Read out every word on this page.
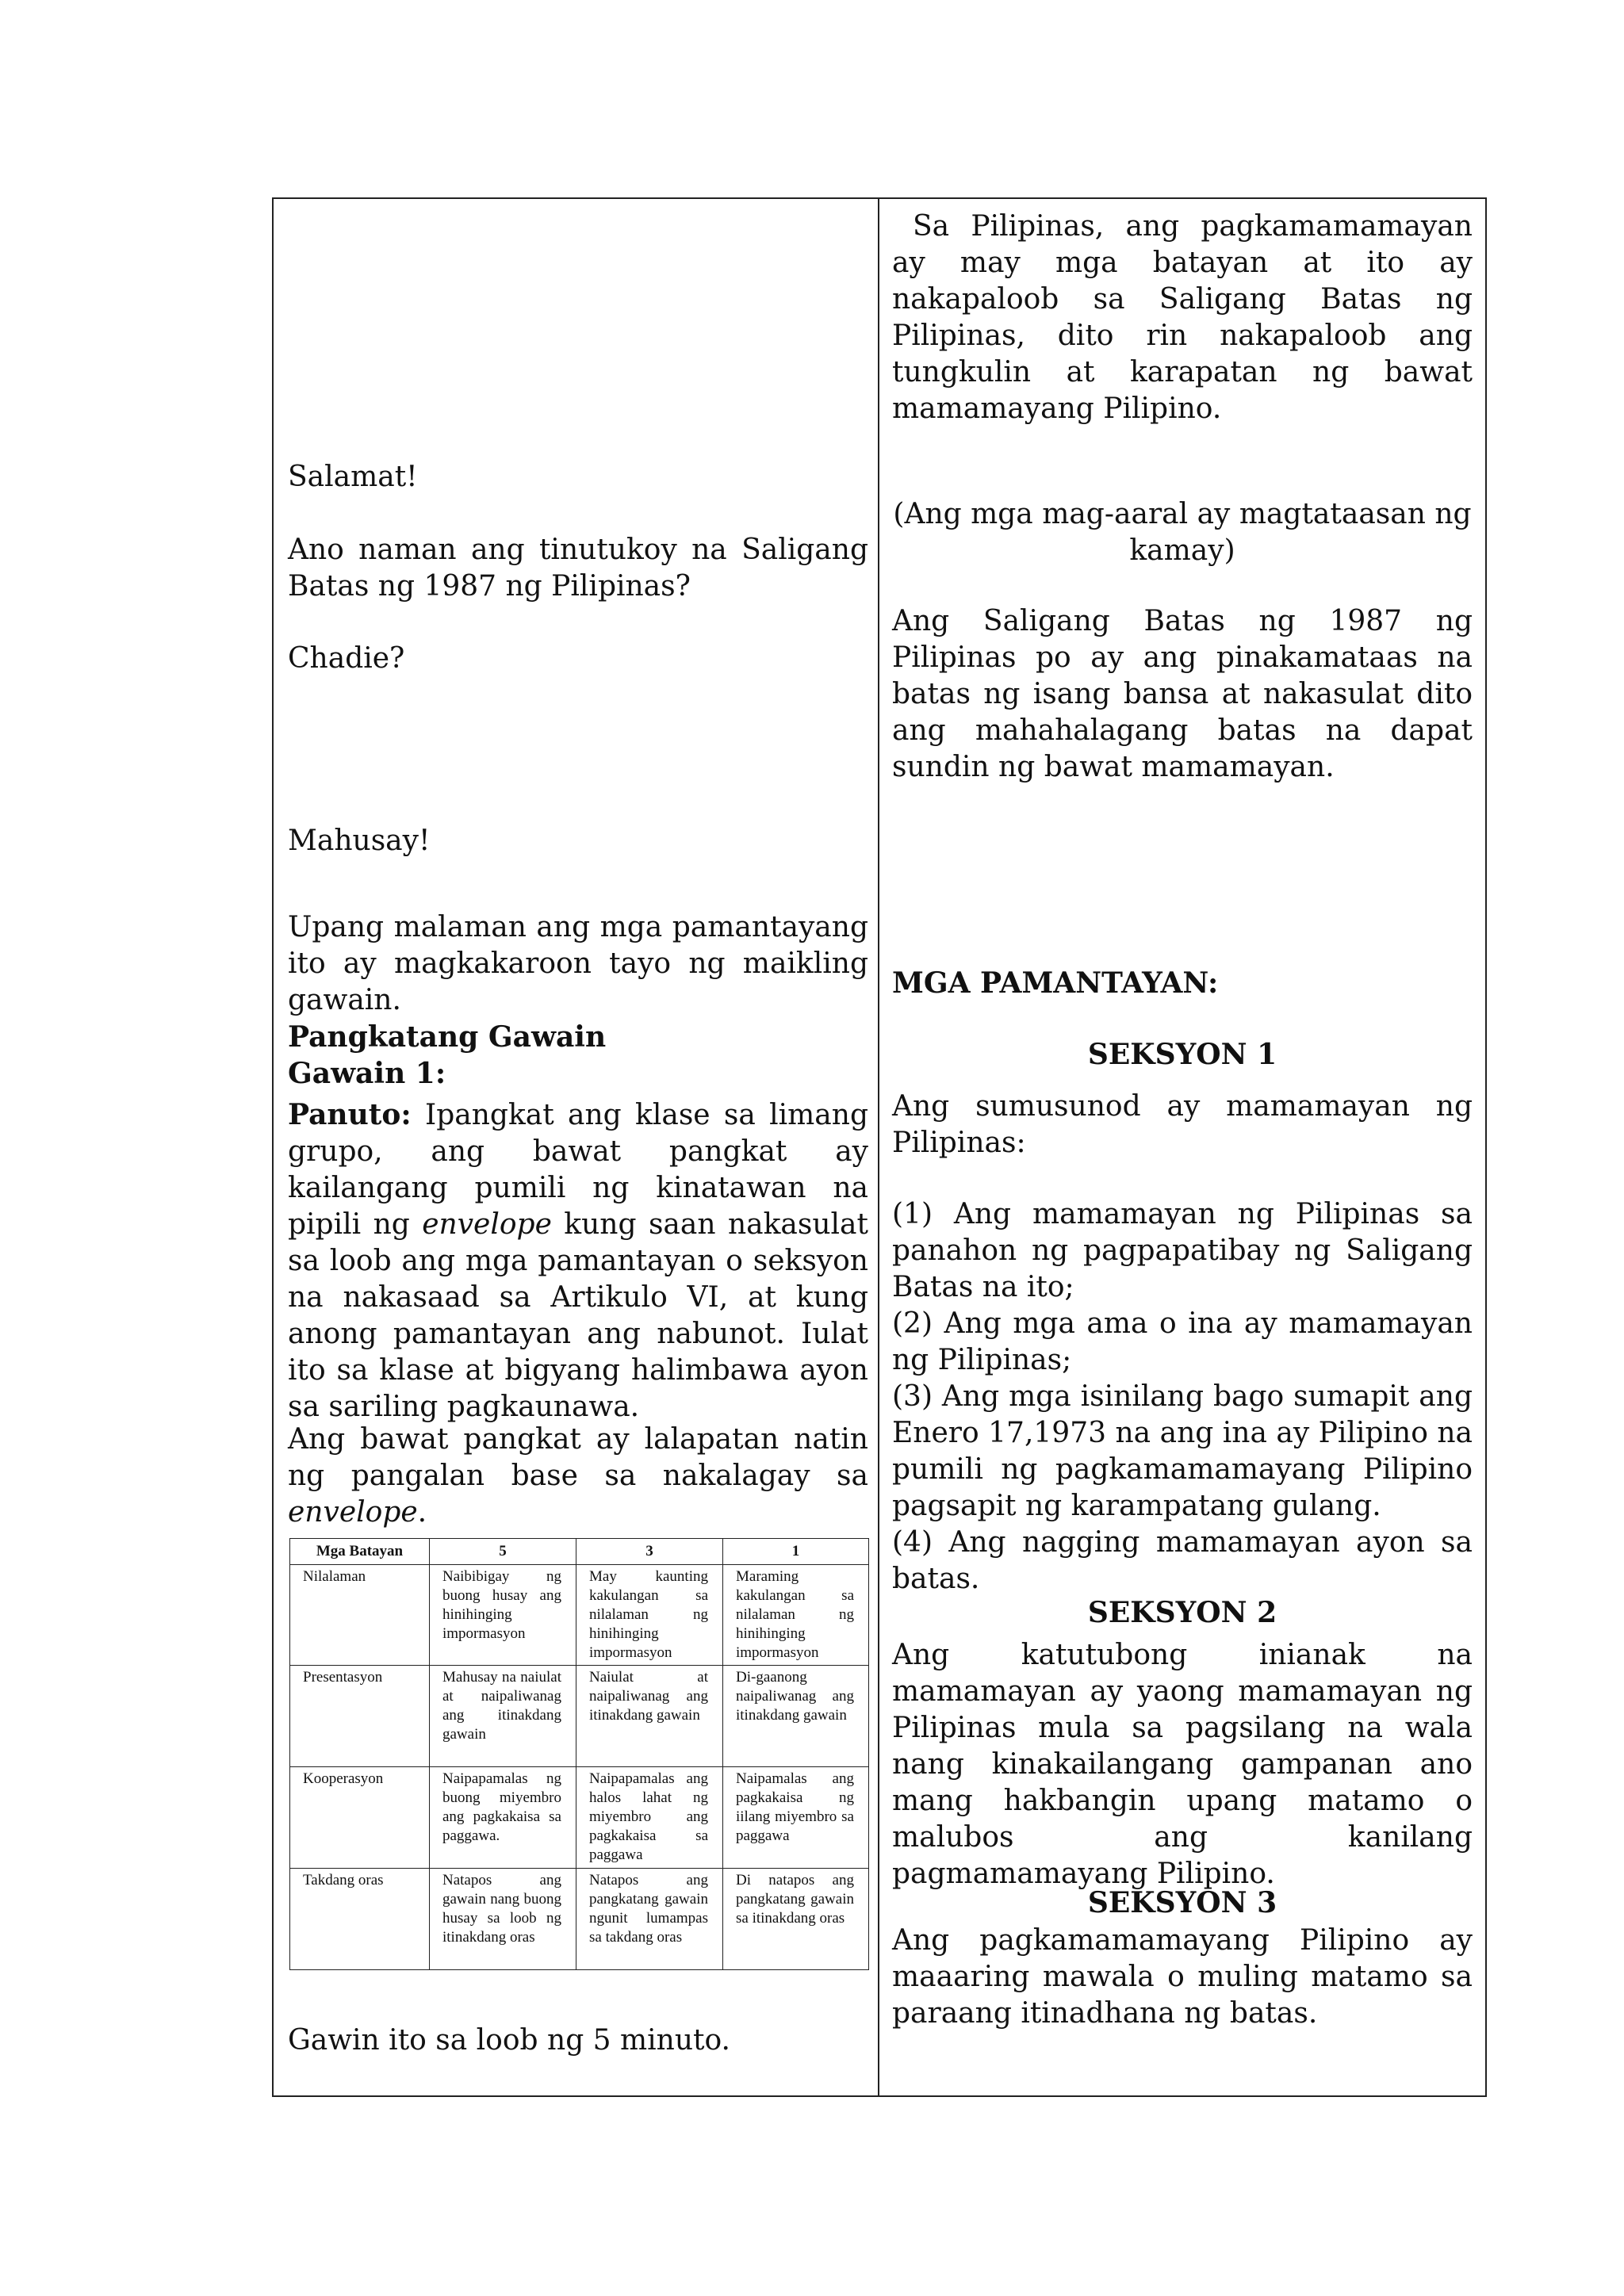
Salamat!

Ano naman ang tinutukoy na Saligang Batas ng 1987 ng Pilipinas?

Chadie?

Mahusay!

Upang malaman ang mga pamantayang ito ay magkakaroon tayo ng maikling gawain.

Pangkatang Gawain

Gawain 1:

Panuto: Ipangkat ang klase sa limang grupo, ang bawat pangkat ay kailangang pumili ng kinatawan na pipili ng envelope kung saan nakasulat sa loob ang mga pamantayan o seksyon na nakasaad sa Artikulo VI, at kung anong pamantayan ang nabunot. Iulat ito sa klase at bigyang halimbawa ayon sa sariling pagkaunawa.

Ang bawat pangkat ay lalapatan natin ng pangalan base sa nakalagay sa envelope.

Mga Batayan	5	3	1
Nilalaman	Naibibigay ng buong husay ang hinihinging impormasyon	May kaunting kakulangan sa nilalaman ng hinihinging impormasyon	Maraming kakulangan sa nilalaman ng hinihinging impormasyon
Presentasyon	Mahusay na naiulat at naipaliwanag ang itinakdang gawain	Naiulat at naipaliwanag ang itinakdang gawain	Di-gaanong naipaliwanag ang itinakdang gawain
Kooperasyon	Naipapamalas ng buong miyembro ang pagkakaisa sa paggawa.	Naipapamalas ang halos lahat ng miyembro ang pagkakaisa sa paggawa	Naipamalas ang pagkakaisa ng iilang miyembro sa paggawa
Takdang oras	Natapos ang gawain nang buong husay sa loob ng itinakdang oras	Natapos ang pangkatang gawain ngunit lumampas sa takdang oras	Di natapos ang pangkatang gawain sa itinakdang oras

Gawin ito sa loob ng 5 minuto.

Sa Pilipinas, ang pagkamamamayan ay may mga batayan at ito ay nakapaloob sa Saligang Batas ng Pilipinas, dito rin nakapaloob ang tungkulin at karapatan ng bawat mamamayang Pilipino.

(Ang mga mag-aaral ay magtataasan ng kamay)

Ang Saligang Batas ng 1987 ng Pilipinas po ay ang pinakamataas na batas ng isang bansa at nakasulat dito ang mahahalagang batas na dapat sundin ng bawat mamamayan.

MGA PAMANTAYAN:

SEKSYON 1

Ang sumusunod ay mamamayan ng Pilipinas:

(1) Ang mamamayan ng Pilipinas sa panahon ng pagpapatibay ng Saligang Batas na ito;

(2) Ang mga ama o ina ay mamamayan ng Pilipinas;

(3) Ang mga isinilang bago sumapit ang Enero 17,1973 na ang ina ay Pilipino na pumili ng pagkamamamayang Pilipino pagsapit ng karampatang gulang.

(4) Ang nagging mamamayan ayon sa batas.

SEKSYON 2

Ang katutubong inianak na mamamayan ay yaong mamamayan ng Pilipinas mula sa pagsilang na wala nang kinakailangang gampanan ano mang hakbangin upang matamo o malubos ang kanilang pagmamamayang Pilipino.

SEKSYON 3

Ang pagkamamamayang Pilipino ay maaaring mawala o muling matamo sa paraang itinadhana ng batas.
